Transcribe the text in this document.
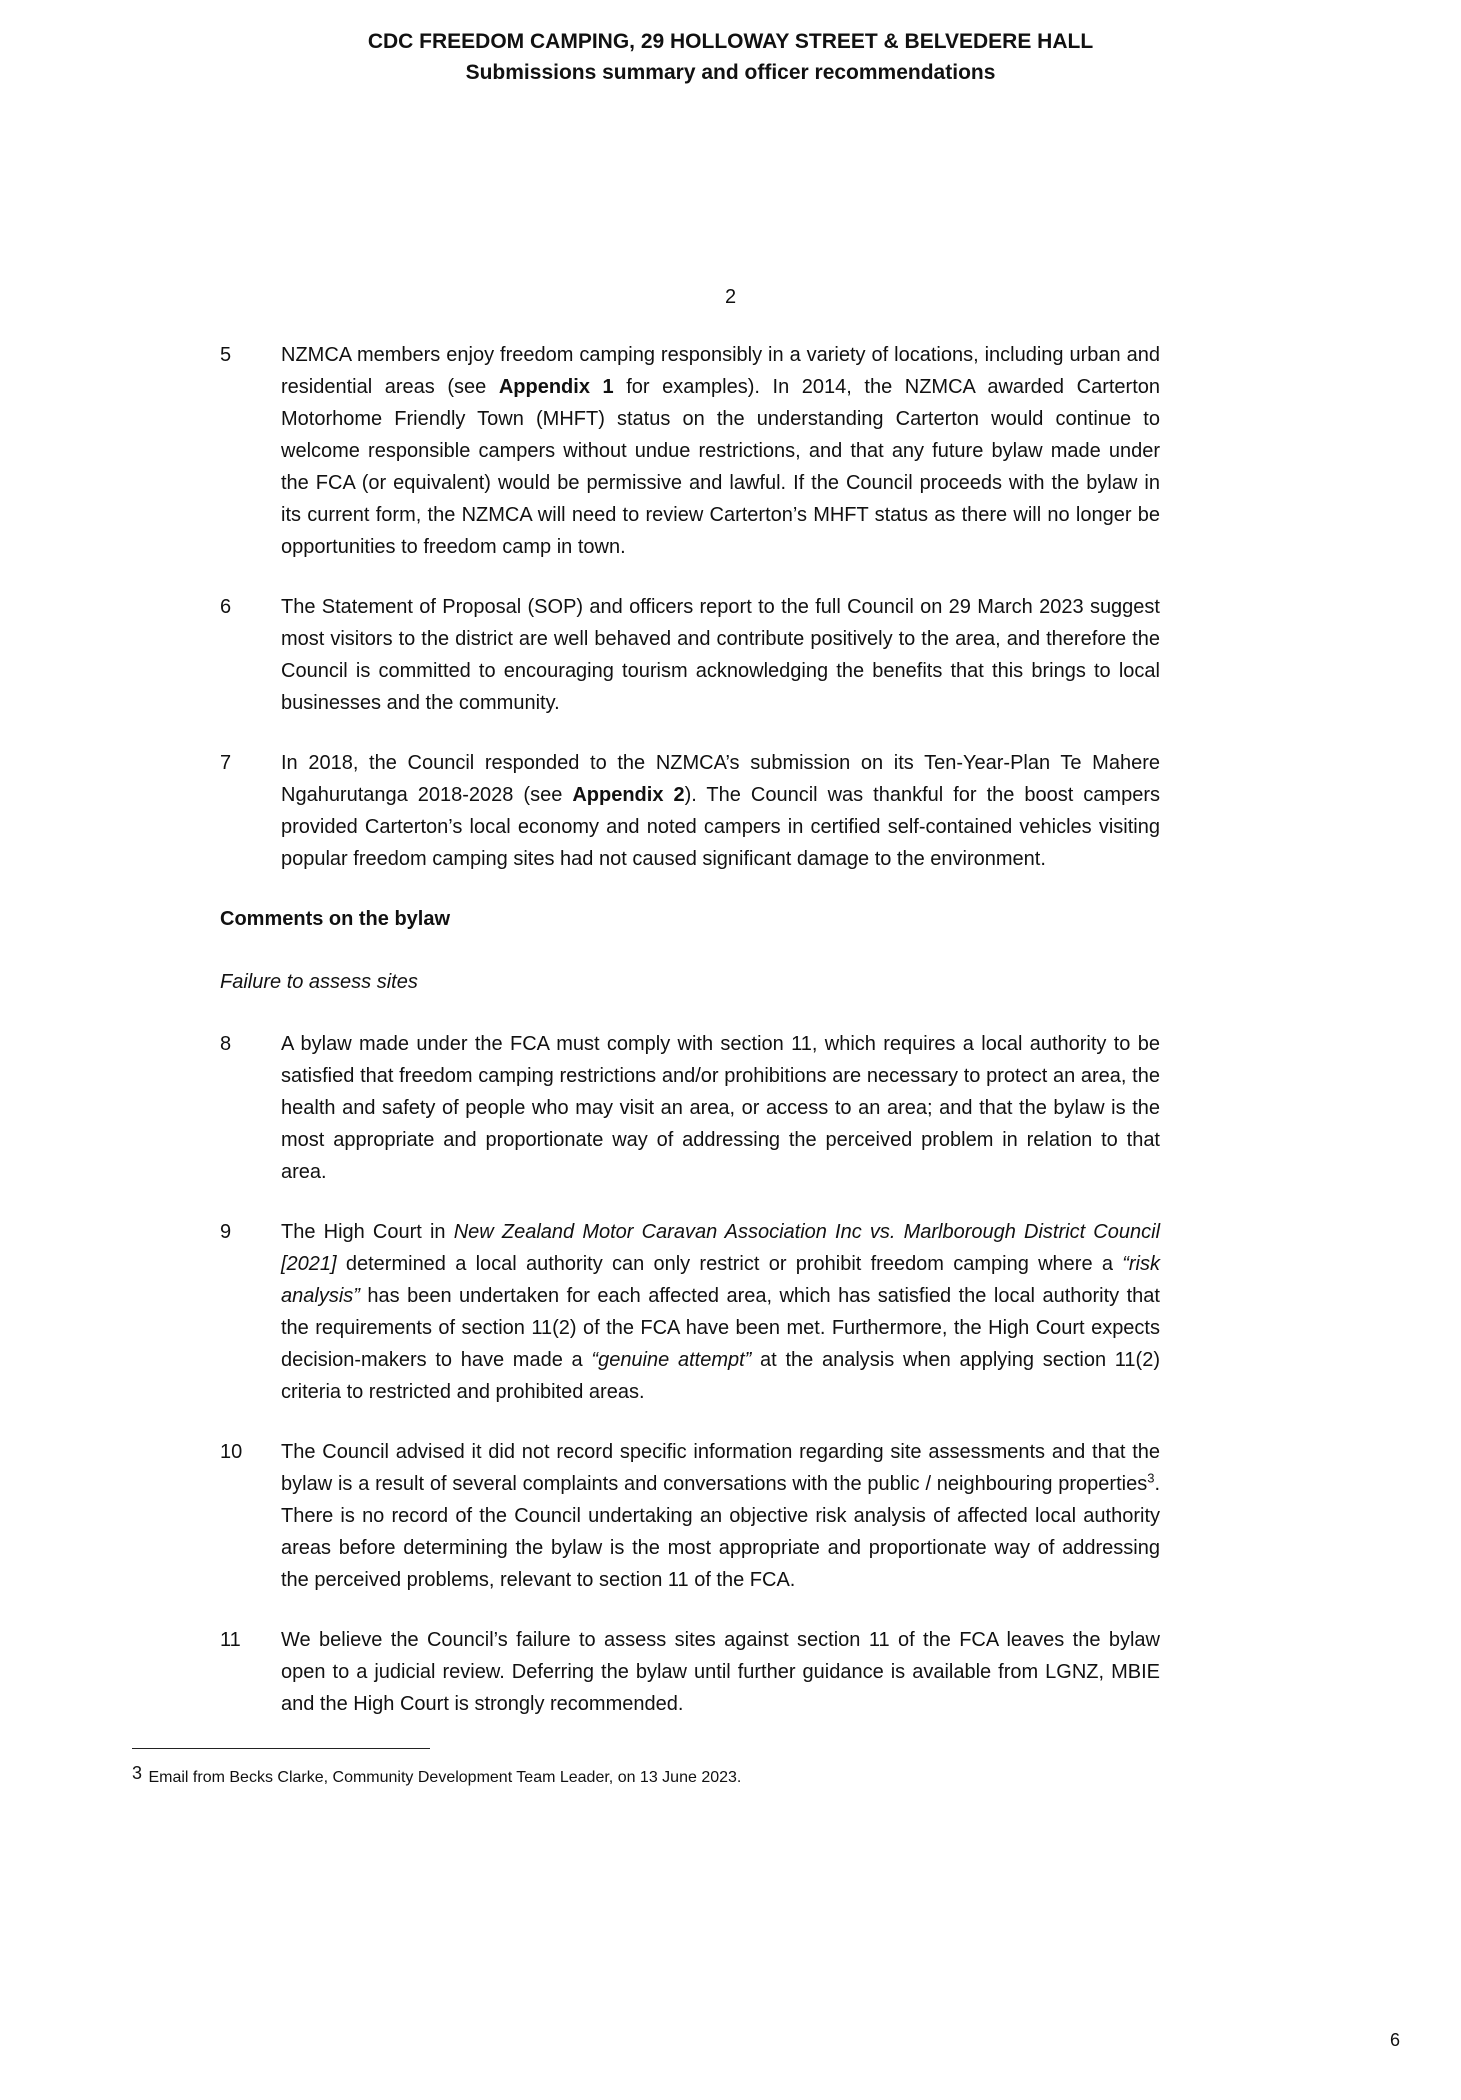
CDC FREEDOM CAMPING, 29 HOLLOWAY STREET & BELVEDERE HALL
Submissions summary and officer recommendations
2

5	NZMCA members enjoy freedom camping responsibly in a variety of locations, including urban and residential areas (see Appendix 1 for examples). In 2014, the NZMCA awarded Carterton Motorhome Friendly Town (MHFT) status on the understanding Carterton would continue to welcome responsible campers without undue restrictions, and that any future bylaw made under the FCA (or equivalent) would be permissive and lawful. If the Council proceeds with the bylaw in its current form, the NZMCA will need to review Carterton’s MHFT status as there will no longer be opportunities to freedom camp in town.

6	The Statement of Proposal (SOP) and officers report to the full Council on 29 March 2023 suggest most visitors to the district are well behaved and contribute positively to the area, and therefore the Council is committed to encouraging tourism acknowledging the benefits that this brings to local businesses and the community.

7	In 2018, the Council responded to the NZMCA’s submission on its Ten-Year-Plan Te Mahere Ngahurutanga 2018-2028 (see Appendix 2). The Council was thankful for the boost campers provided Carterton’s local economy and noted campers in certified self-contained vehicles visiting popular freedom camping sites had not caused significant damage to the environment.

Comments on the bylaw
Failure to assess sites

8	A bylaw made under the FCA must comply with section 11, which requires a local authority to be satisfied that freedom camping restrictions and/or prohibitions are necessary to protect an area, the health and safety of people who may visit an area, or access to an area; and that the bylaw is the most appropriate and proportionate way of addressing the perceived problem in relation to that area.

9	The High Court in New Zealand Motor Caravan Association Inc vs. Marlborough District Council [2021] determined a local authority can only restrict or prohibit freedom camping where a “risk analysis” has been undertaken for each affected area, which has satisfied the local authority that the requirements of section 11(2) of the FCA have been met. Furthermore, the High Court expects decision-makers to have made a “genuine attempt” at the analysis when applying section 11(2) criteria to restricted and prohibited areas.

10	The Council advised it did not record specific information regarding site assessments and that the bylaw is a result of several complaints and conversations with the public / neighbouring properties$^3$. There is no record of the Council undertaking an objective risk analysis of affected local authority areas before determining the bylaw is the most appropriate and proportionate way of addressing the perceived problems, relevant to section 11 of the FCA.

11	We believe the Council’s failure to assess sites against section 11 of the FCA leaves the bylaw open to a judicial review. Deferring the bylaw until further guidance is available from LGNZ, MBIE and the High Court is strongly recommended.

3 Email from Becks Clarke, Community Development Team Leader, on 13 June 2023.
6
